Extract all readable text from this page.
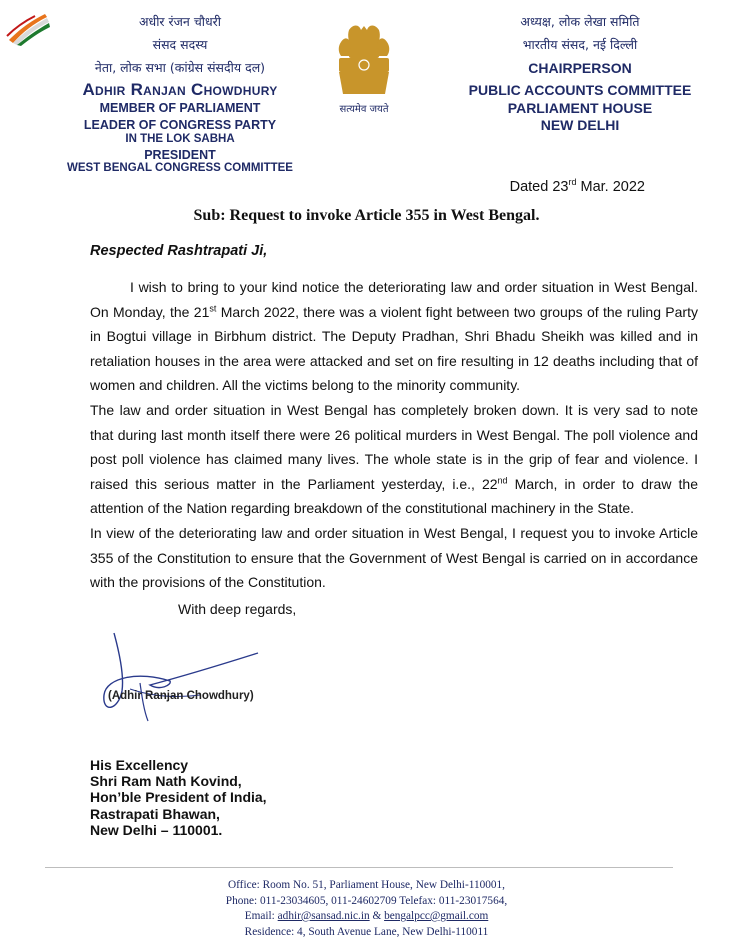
अधीर रंजन चौधरी
संसद सदस्य
नेता, लोक सभा (कांग्रेस संसदीय दल)
Adhir Ranjan Chowdhury
MEMBER OF PARLIAMENT
LEADER OF CONGRESS PARTY
IN THE LOK SABHA
PRESIDENT
WEST BENGAL CONGRESS COMMITTEE
सत्यमेव जयते
अध्यक्ष, लोक लेखा समिति
भारतीय संसद, नई दिल्ली
CHAIRPERSON
PUBLIC ACCOUNTS COMMITTEE
PARLIAMENT HOUSE
NEW DELHI
Dated 23rd Mar. 2022
Sub: Request to invoke Article 355 in West Bengal.
Respected Rashtrapati Ji,

I wish to bring to your kind notice the deteriorating law and order situation in West Bengal. On Monday, the 21st March 2022, there was a violent fight between two groups of the ruling Party in Bogtui village in Birbhum district. The Deputy Pradhan, Shri Bhadu Sheikh was killed and in retaliation houses in the area were attacked and set on fire resulting in 12 deaths including that of women and children. All the victims belong to the minority community.

The law and order situation in West Bengal has completely broken down. It is very sad to note that during last month itself there were 26 political murders in West Bengal. The poll violence and post poll violence has claimed many lives. The whole state is in the grip of fear and violence. I raised this serious matter in the Parliament yesterday, i.e., 22nd March, in order to draw the attention of the Nation regarding breakdown of the constitutional machinery in the State.

In view of the deteriorating law and order situation in West Bengal, I request you to invoke Article 355 of the Constitution to ensure that the Government of West Bengal is carried on in accordance with the provisions of the Constitution.

With deep regards,
(Adhir Ranjan Chowdhury)
His Excellency
Shri Ram Nath Kovind,
Hon’ble President of India,
Rastrapati Bhawan,
New Delhi – 110001.
Office: Room No. 51, Parliament House, New Delhi-110001,
Phone: 011-23034605, 011-24602709 Telefax: 011-23017564,
Email: adhir@sansad.nic.in & bengalpcc@gmail.com
Residence: 4, South Avenue Lane, New Delhi-110011
